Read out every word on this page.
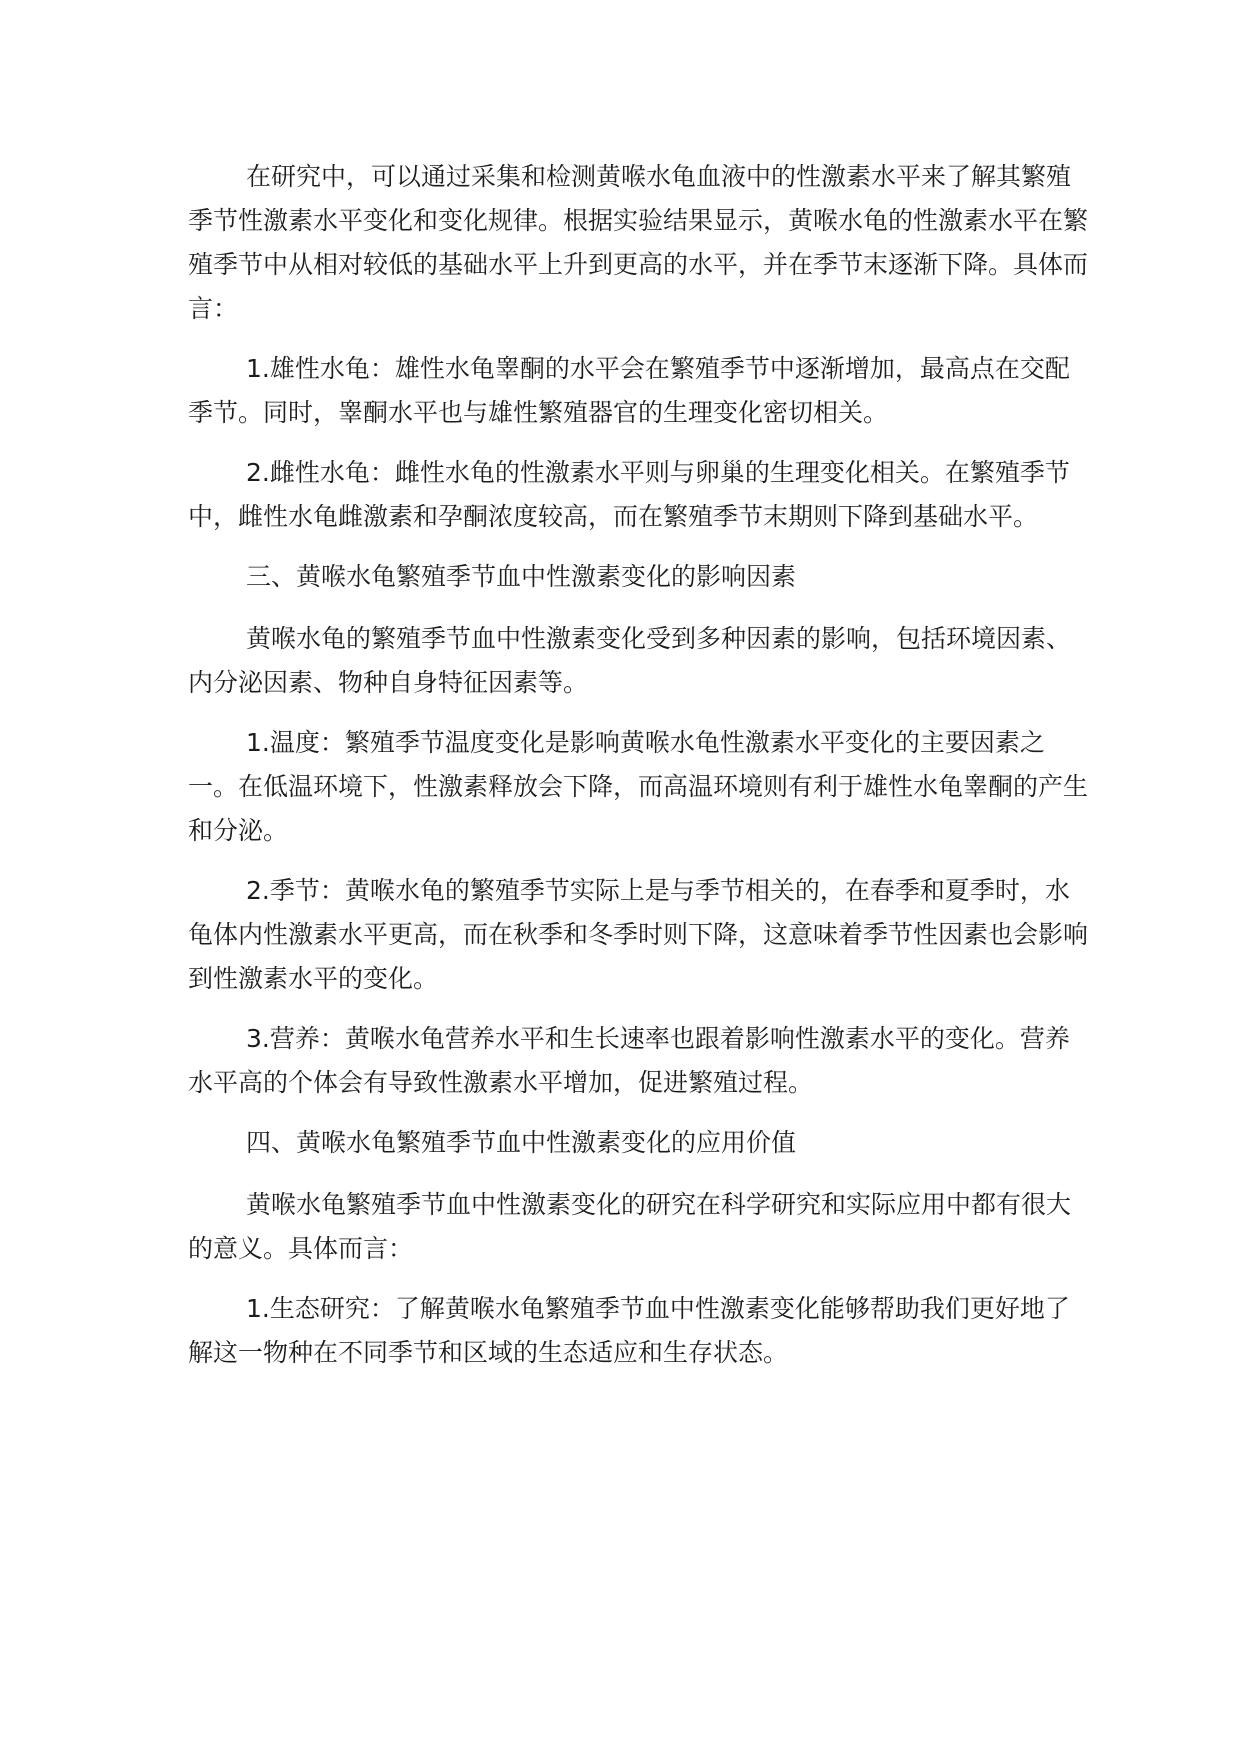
在研究中，可以通过采集和检测黄喉水龟血液中的性激素水平来了解其繁殖季节性激素水平变化和变化规律。根据实验结果显示，黄喉水龟的性激素水平在繁殖季节中从相对较低的基础水平上升到更高的水平，并在季节末逐渐下降。具体而言：

1.雄性水龟：雄性水龟睾酮的水平会在繁殖季节中逐渐增加，最高点在交配季节。同时，睾酮水平也与雄性繁殖器官的生理变化密切相关。

2.雌性水龟：雌性水龟的性激素水平则与卵巢的生理变化相关。在繁殖季节中，雌性水龟雌激素和孕酮浓度较高，而在繁殖季节末期则下降到基础水平。

三、黄喉水龟繁殖季节血中性激素变化的影响因素

黄喉水龟的繁殖季节血中性激素变化受到多种因素的影响，包括环境因素、内分泌因素、物种自身特征因素等。

1.温度：繁殖季节温度变化是影响黄喉水龟性激素水平变化的主要因素之一。在低温环境下，性激素释放会下降，而高温环境则有利于雄性水龟睾酮的产生和分泌。

2.季节：黄喉水龟的繁殖季节实际上是与季节相关的，在春季和夏季时，水龟体内性激素水平更高，而在秋季和冬季时则下降，这意味着季节性因素也会影响到性激素水平的变化。

3.营养：黄喉水龟营养水平和生长速率也跟着影响性激素水平的变化。营养水平高的个体会有导致性激素水平增加，促进繁殖过程。

四、黄喉水龟繁殖季节血中性激素变化的应用价值

黄喉水龟繁殖季节血中性激素变化的研究在科学研究和实际应用中都有很大的意义。具体而言：

1.生态研究：了解黄喉水龟繁殖季节血中性激素变化能够帮助我们更好地了解这一物种在不同季节和区域的生态适应和生存状态。
